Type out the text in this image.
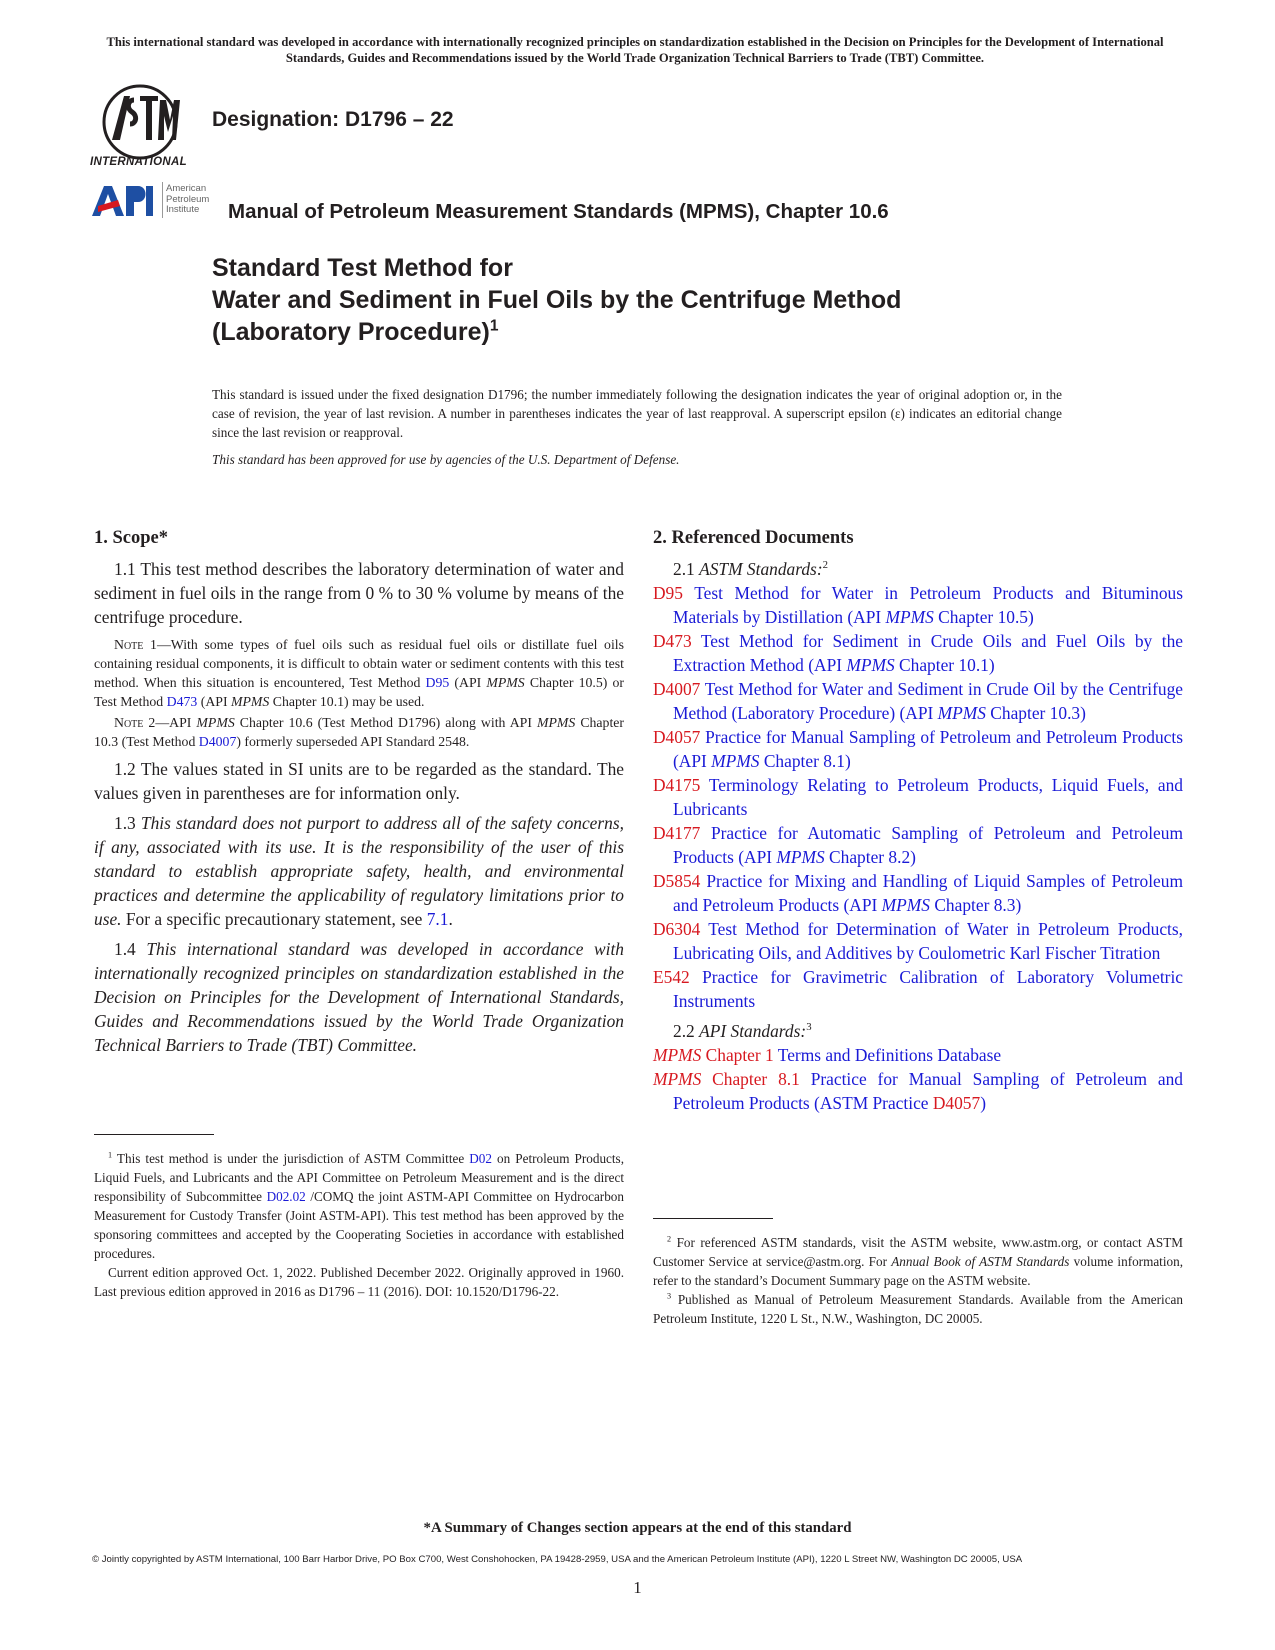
This international standard was developed in accordance with internationally recognized principles on standardization established in the Decision on Principles for the Development of International Standards, Guides and Recommendations issued by the World Trade Organization Technical Barriers to Trade (TBT) Committee.
INTERNATIONAL
Designation: D1796 – 22
American
Petroleum
Institute	Manual of Petroleum Measurement Standards (MPMS), Chapter 10.6
Standard Test Method for
Water and Sediment in Fuel Oils by the Centrifuge Method
(Laboratory Procedure)$^1$
This standard is issued under the fixed designation D1796; the number immediately following the designation indicates the year of original adoption or, in the case of revision, the year of last revision. A number in parentheses indicates the year of last reapproval. A superscript epsilon (ε) indicates an editorial change since the last revision or reapproval.
This standard has been approved for use by agencies of the U.S. Department of Defense.
1. Scope*

1.1 This test method describes the laboratory determination of water and sediment in fuel oils in the range from 0 % to 30 % volume by means of the centrifuge procedure.

Note 1—With some types of fuel oils such as residual fuel oils or distillate fuel oils containing residual components, it is difficult to obtain water or sediment contents with this test method. When this situation is encountered, Test Method D95 (API MPMS Chapter 10.5) or Test Method D473 (API MPMS Chapter 10.1) may be used.

Note 2—API MPMS Chapter 10.6 (Test Method D1796) along with API MPMS Chapter 10.3 (Test Method D4007) formerly superseded API Standard 2548.

1.2 The values stated in SI units are to be regarded as the standard. The values given in parentheses are for information only.

1.3 This standard does not purport to address all of the safety concerns, if any, associated with its use. It is the responsibility of the user of this standard to establish appropriate safety, health, and environmental practices and determine the applicability of regulatory limitations prior to use. For a specific precautionary statement, see 7.1.

1.4 This international standard was developed in accordance with internationally recognized principles on standardization established in the Decision on Principles for the Development of International Standards, Guides and Recommendations issued by the World Trade Organization Technical Barriers to Trade (TBT) Committee.

$^1$ This test method is under the jurisdiction of ASTM Committee D02 on Petroleum Products, Liquid Fuels, and Lubricants and the API Committee on Petroleum Measurement and is the direct responsibility of Subcommittee D02.02 /COMQ the joint ASTM-API Committee on Hydrocarbon Measurement for Custody Transfer (Joint ASTM-API). This test method has been approved by the sponsoring committees and accepted by the Cooperating Societies in accordance with established procedures.

Current edition approved Oct. 1, 2022. Published December 2022. Originally approved in 1960. Last previous edition approved in 2016 as D1796 – 11 (2016). DOI: 10.1520/D1796-22.

2. Referenced Documents
2.1 ASTM Standards:$^2$

D95 Test Method for Water in Petroleum Products and Bituminous Materials by Distillation (API MPMS Chapter 10.5)

D473 Test Method for Sediment in Crude Oils and Fuel Oils by the Extraction Method (API MPMS Chapter 10.1)

D4007 Test Method for Water and Sediment in Crude Oil by the Centrifuge Method (Laboratory Procedure) (API MPMS Chapter 10.3)

D4057 Practice for Manual Sampling of Petroleum and Petroleum Products (API MPMS Chapter 8.1)

D4175 Terminology Relating to Petroleum Products, Liquid Fuels, and Lubricants

D4177 Practice for Automatic Sampling of Petroleum and Petroleum Products (API MPMS Chapter 8.2)

D5854 Practice for Mixing and Handling of Liquid Samples of Petroleum and Petroleum Products (API MPMS Chapter 8.3)

D6304 Test Method for Determination of Water in Petroleum Products, Lubricating Oils, and Additives by Coulometric Karl Fischer Titration

E542 Practice for Gravimetric Calibration of Laboratory Volumetric Instruments

2.2 API Standards:$^3$

MPMS Chapter 1 Terms and Definitions Database

MPMS Chapter 8.1 Practice for Manual Sampling of Petroleum and Petroleum Products (ASTM Practice D4057)

$^2$ For referenced ASTM standards, visit the ASTM website, www.astm.org, or contact ASTM Customer Service at service@astm.org. For Annual Book of ASTM Standards volume information, refer to the standard’s Document Summary page on the ASTM website.

$^3$ Published as Manual of Petroleum Measurement Standards. Available from the American Petroleum Institute, 1220 L St., N.W., Washington, DC 20005.

*A Summary of Changes section appears at the end of this standard
© Jointly copyrighted by ASTM International, 100 Barr Harbor Drive, PO Box C700, West Conshohocken, PA 19428-2959, USA and the American Petroleum Institute (API), 1220 L Street NW, Washington DC 20005, USA
1
